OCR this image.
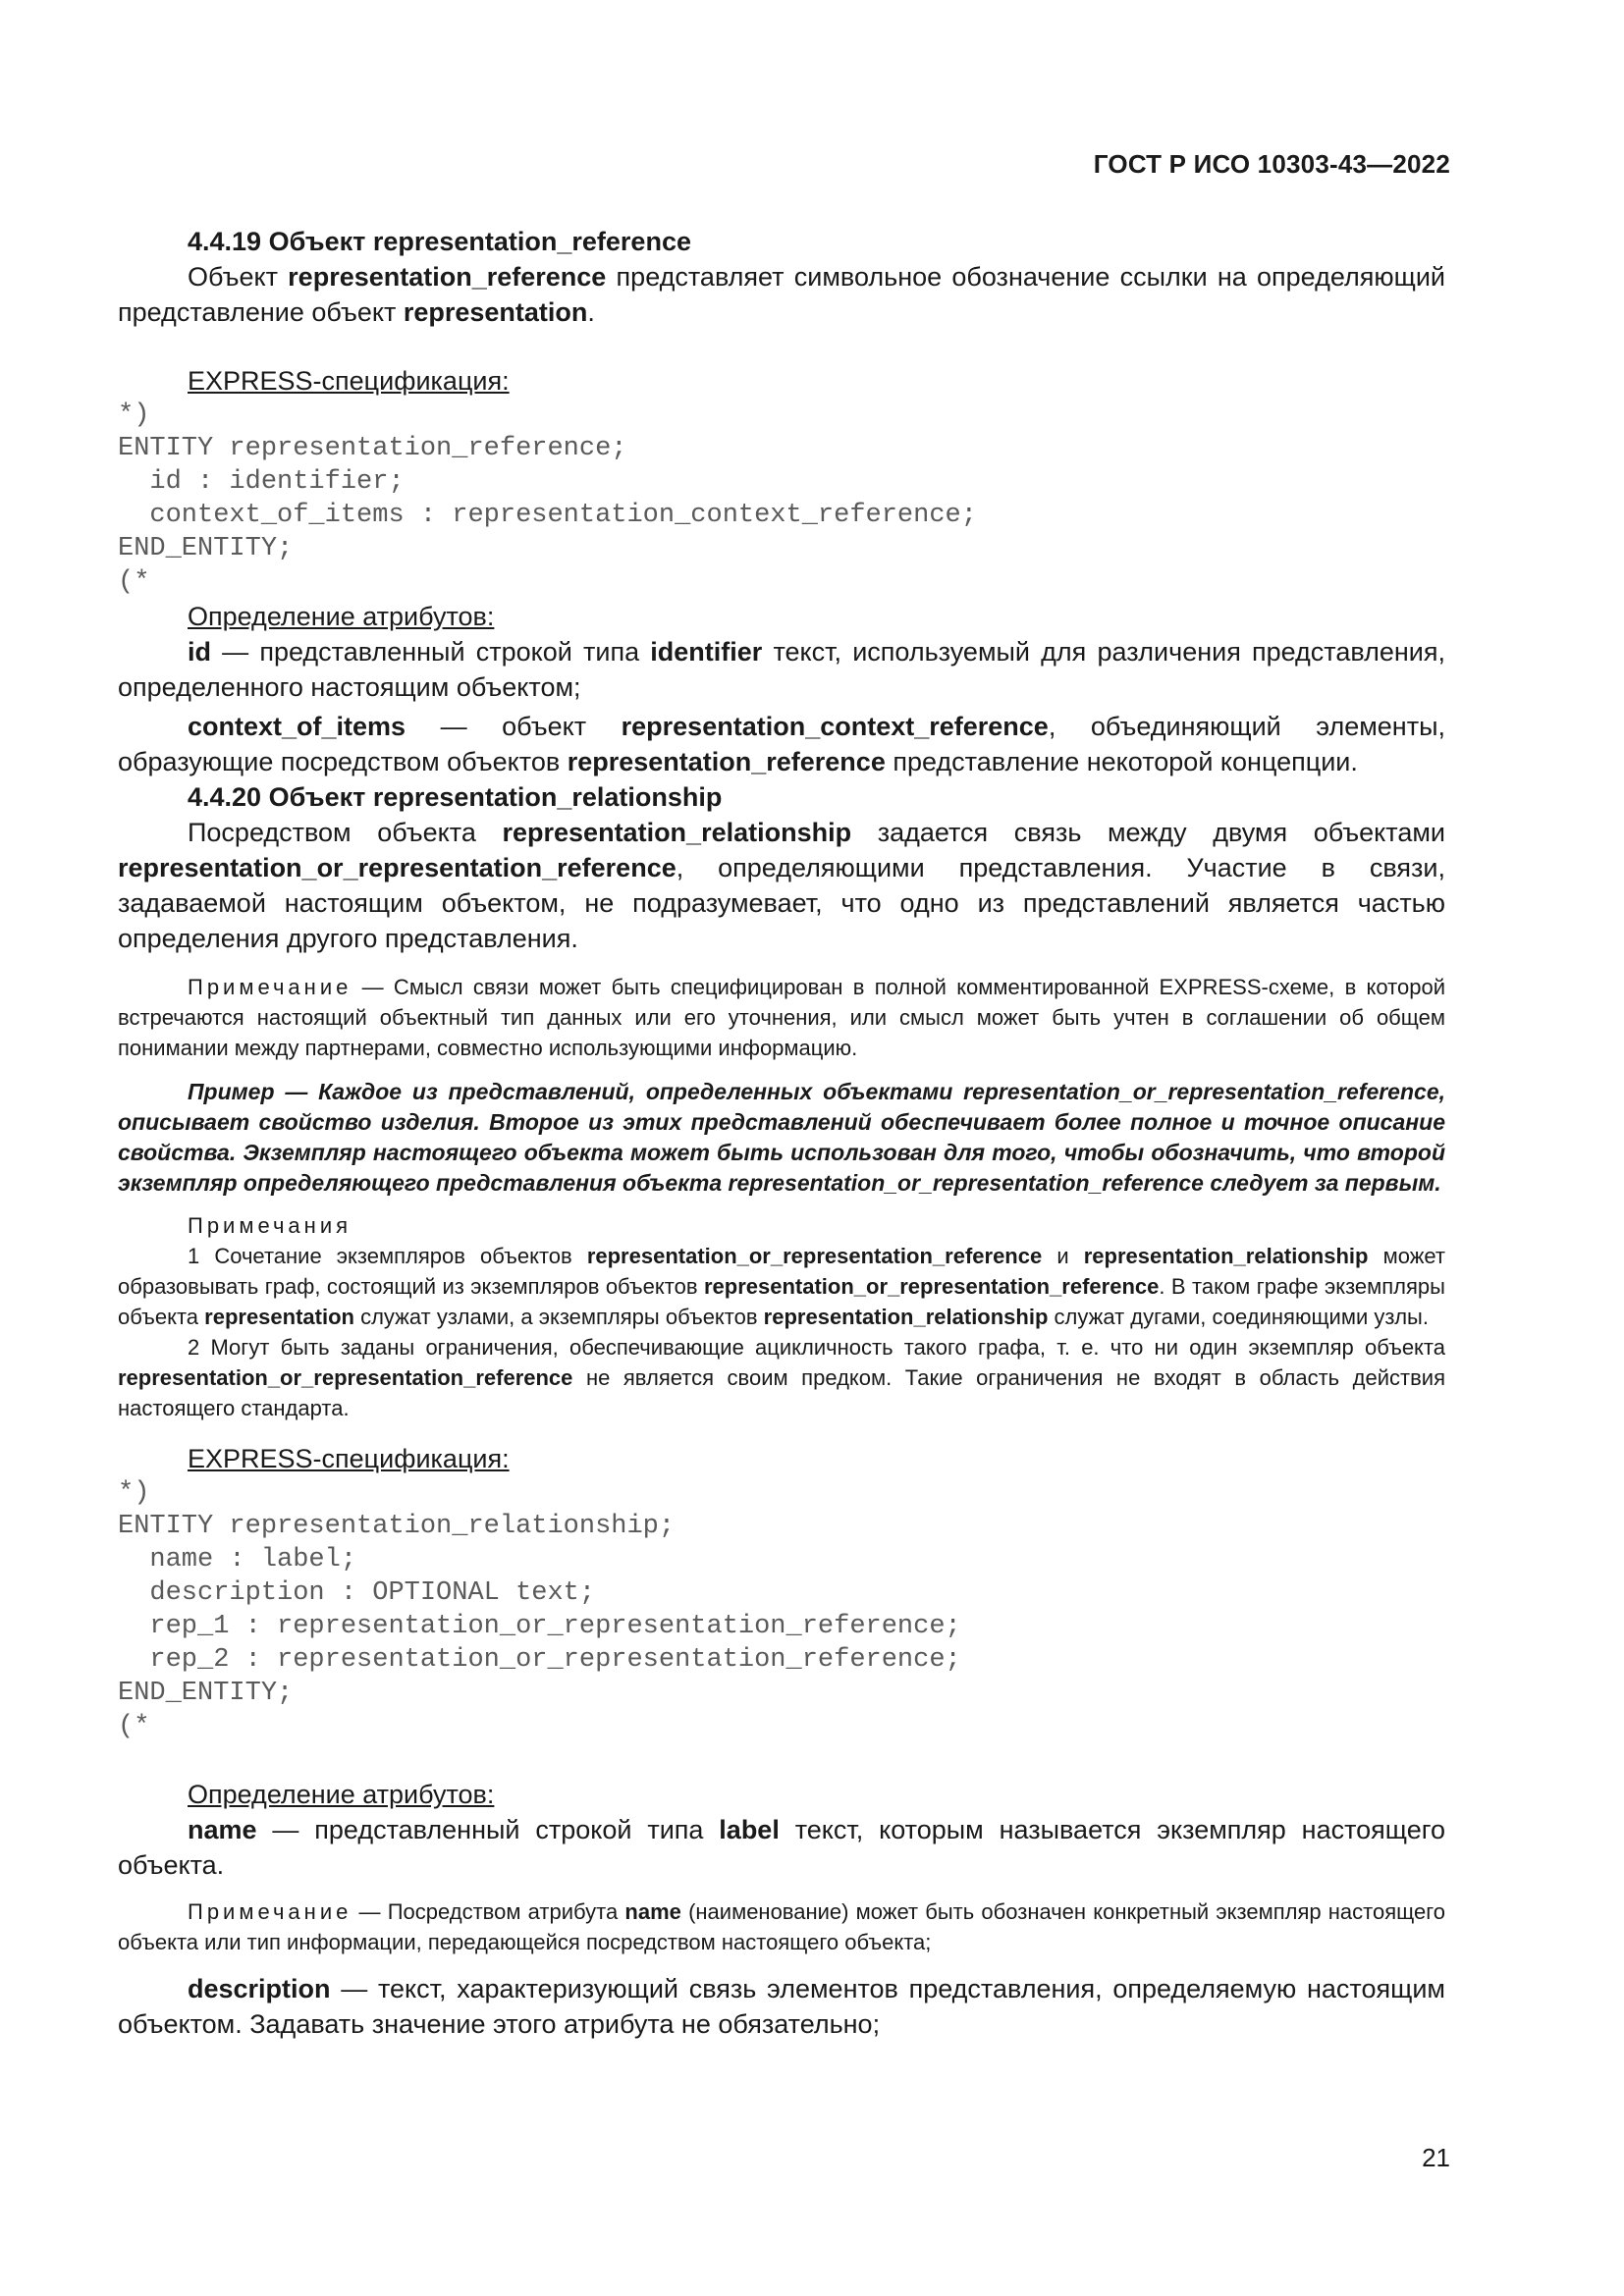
ГОСТ Р ИСО 10303-43—2022

4.4.19 Объект representation_reference

Объект representation_reference представляет символьное обозначение ссылки на определяющий представление объект representation.

EXPRESS-спецификация:

*)
ENTITY representation_reference;
id : identifier;
context_of_items : representation_context_reference;
END_ENTITY;
(*

Определение атрибутов:

id — представленный строкой типа identifier текст, используемый для различения представления, определенного настоящим объектом;

context_of_items — объект representation_context_reference, объединяющий элементы, образующие посредством объектов representation_reference представление некоторой концепции.

4.4.20 Объект representation_relationship

Посредством объекта representation_relationship задается связь между двумя объектами representation_or_representation_reference, определяющими представления. Участие в связи, задаваемой настоящим объектом, не подразумевает, что одно из представлений является частью определения другого представления.

Примечание — Смысл связи может быть специфицирован в полной комментированной EXPRESS-схеме, в которой встречаются настоящий объектный тип данных или его уточнения, или смысл может быть учтен в соглашении об общем понимании между партнерами, совместно использующими информацию.

Пример — Каждое из представлений, определенных объектами representation_or_representation_reference, описывает свойство изделия. Второе из этих представлений обеспечивает более полное и точное описание свойства. Экземпляр настоящего объекта может быть использован для того, чтобы обозначить, что второй экземпляр определяющего представления объекта representation_or_representation_reference следует за первым.

Примечания

1 Сочетание экземпляров объектов representation_or_representation_reference и representation_relationship может образовывать граф, состоящий из экземпляров объектов representation_or_representation_reference. В таком графе экземпляры объекта representation служат узлами, а экземпляры объектов representation_relationship служат дугами, соединяющими узлы.

2 Могут быть заданы ограничения, обеспечивающие ацикличность такого графа, т. е. что ни один экземпляр объекта representation_or_representation_reference не является своим предком. Такие ограничения не входят в область действия настоящего стандарта.

EXPRESS-спецификация:

*)
ENTITY representation_relationship;
name : label;
description : OPTIONAL text;
rep_1 : representation_or_representation_reference;
rep_2 : representation_or_representation_reference;
END_ENTITY;
(*

Определение атрибутов:

name — представленный строкой типа label текст, которым называется экземпляр настоящего объекта.

Примечание — Посредством атрибута name (наименование) может быть обозначен конкретный экземпляр настоящего объекта или тип информации, передающейся посредством настоящего объекта;

description — текст, характеризующий связь элементов представления, определяемую настоящим объектом. Задавать значение этого атрибута не обязательно;

21
